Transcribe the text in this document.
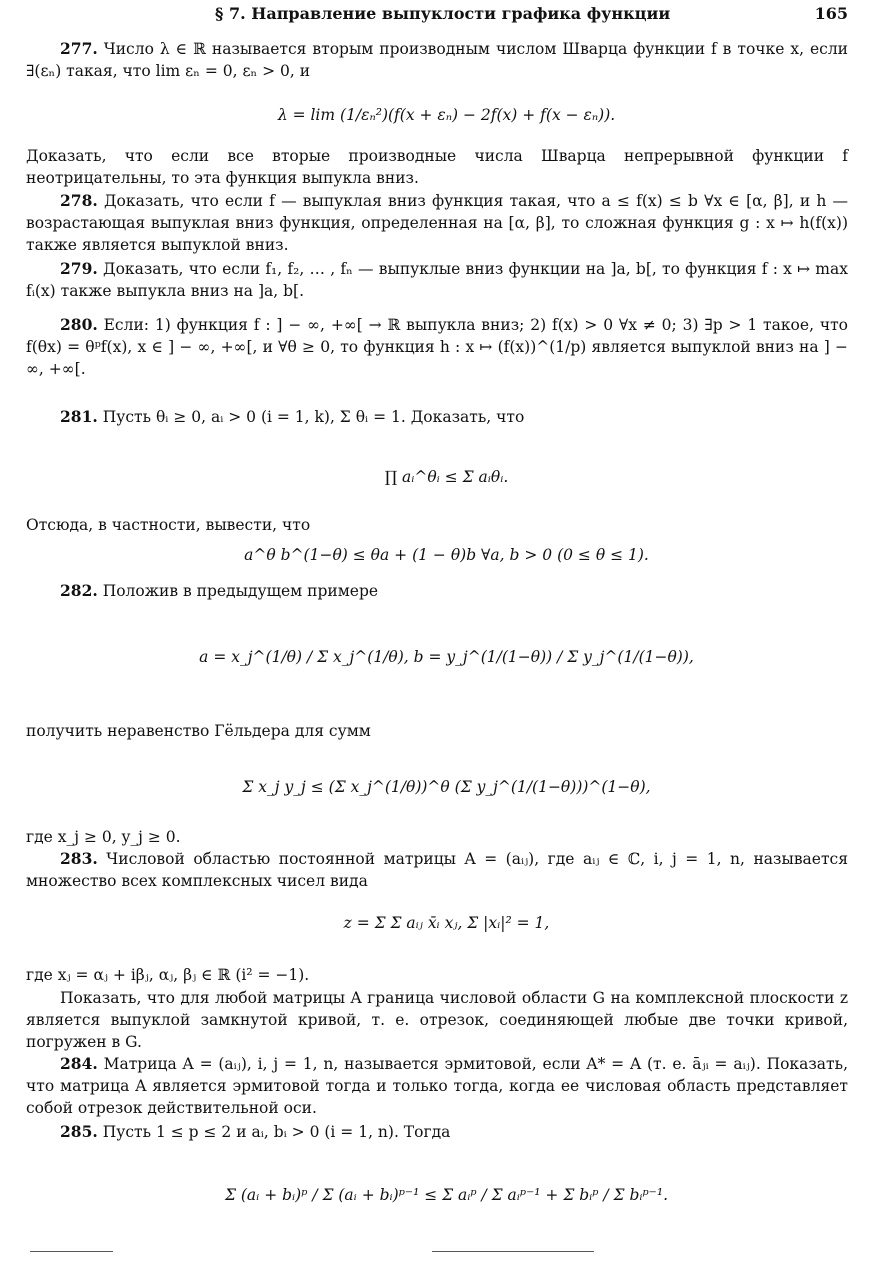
§ 7. Направление выпуклости графика функции	165

277. Число λ ∈ ℝ называется вторым производным числом Шварца функции f в точке x, если ∃(εₙ) такая, что lim εₙ = 0, εₙ > 0, и

λ = lim (1/εₙ²)(f(x + εₙ) − 2f(x) + f(x − εₙ)).

Доказать, что если все вторые производные числа Шварца непрерывной функции f неотрицательны, то эта функция выпукла вниз.

278. Доказать, что если f — выпуклая вниз функция такая, что a ≤ f(x) ≤ b ∀x ∈ [α, β], и h — возрастающая выпуклая вниз функция, определенная на [α, β], то сложная функция g : x ↦ h(f(x)) также является выпуклой вниз.

279. Доказать, что если f₁, f₂, … , fₙ — выпуклые вниз функции на ]a, b[, то функция f : x ↦ max fᵢ(x) также выпукла вниз на ]a, b[.

280. Если: 1) функция f : ] − ∞, +∞[ → ℝ выпукла вниз; 2) f(x) > 0 ∀x ≠ 0; 3) ∃p > 1 такое, что f(θx) = θᵖf(x), x ∈ ] − ∞, +∞[, и ∀θ ≥ 0, то функция h : x ↦ (f(x))^(1/p) является выпуклой вниз на ] − ∞, +∞[.

281. Пусть θᵢ ≥ 0, aᵢ > 0 (i = 1, k), Σ θᵢ = 1. Доказать, что

∏ aᵢ^θᵢ ≤ Σ aᵢθᵢ.

Отсюда, в частности, вывести, что

a^θ b^(1−θ) ≤ θa + (1 − θ)b ∀a, b > 0 (0 ≤ θ ≤ 1).

282. Положив в предыдущем примере

a = x_j^(1/θ) / Σ x_j^(1/θ), b = y_j^(1/(1−θ)) / Σ y_j^(1/(1−θ)),

получить неравенство Гёльдера для сумм

Σ x_j y_j ≤ (Σ x_j^(1/θ))^θ (Σ y_j^(1/(1−θ)))^(1−θ),

где x_j ≥ 0, y_j ≥ 0.

283. Числовой областью постоянной матрицы A = (aᵢⱼ), где aᵢⱼ ∈ ℂ, i, j = 1, n, называется множество всех комплексных чисел вида

z = Σ Σ aᵢⱼ x̄ᵢ xⱼ, Σ |xᵢ|² = 1,

где xⱼ = αⱼ + iβⱼ, αⱼ, βⱼ ∈ ℝ (i² = −1).

Показать, что для любой матрицы A граница числовой области G на комплексной плоскости z является выпуклой замкнутой кривой, т. е. отрезок, соединяющей любые две точки кривой, погружен в G.

284. Матрица A = (aᵢⱼ), i, j = 1, n, называется эрмитовой, если A* = A (т. е. āⱼᵢ = aᵢⱼ). Показать, что матрица A является эрмитовой тогда и только тогда, когда ее числовая область представляет собой отрезок действительной оси.

285. Пусть 1 ≤ p ≤ 2 и aᵢ, bᵢ > 0 (i = 1, n). Тогда

Σ (aᵢ + bᵢ)ᵖ / Σ (aᵢ + bᵢ)ᵖ⁻¹ ≤ Σ aᵢᵖ / Σ aᵢᵖ⁻¹ + Σ bᵢᵖ / Σ bᵢᵖ⁻¹.
